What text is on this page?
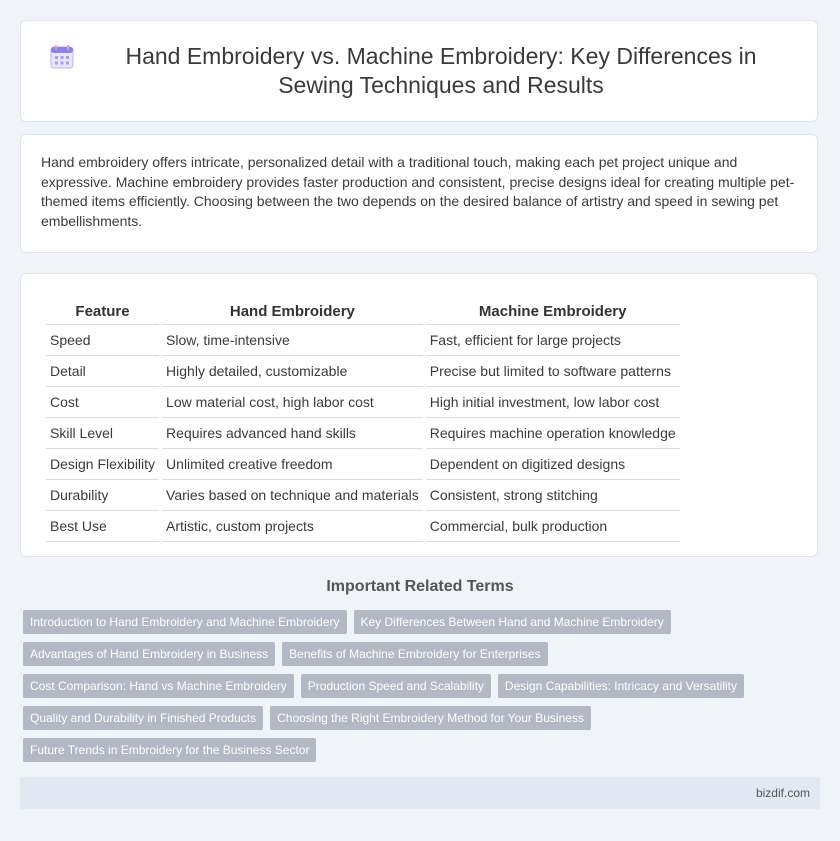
Hand Embroidery vs. Machine Embroidery: Key Differences in Sewing Techniques and Results

Hand embroidery offers intricate, personalized detail with a traditional touch, making each pet project unique and expressive. Machine embroidery provides faster production and consistent, precise designs ideal for creating multiple pet-themed items efficiently. Choosing between the two depends on the desired balance of artistry and speed in sewing pet embellishments.

Feature	Hand Embroidery	Machine Embroidery
Speed	Slow, time-intensive	Fast, efficient for large projects
Detail	Highly detailed, customizable	Precise but limited to software patterns
Cost	Low material cost, high labor cost	High initial investment, low labor cost
Skill Level	Requires advanced hand skills	Requires machine operation knowledge
Design Flexibility	Unlimited creative freedom	Dependent on digitized designs
Durability	Varies based on technique and materials	Consistent, strong stitching
Best Use	Artistic, custom projects	Commercial, bulk production
Important Related Terms
Introduction to Hand Embroidery and Machine Embroidery	Key Differences Between Hand and Machine Embroidery
Advantages of Hand Embroidery in Business	Benefits of Machine Embroidery for Enterprises
Cost Comparison: Hand vs Machine Embroidery	Production Speed and Scalability	Design Capabilities: Intricacy and Versatility
Quality and Durability in Finished Products	Choosing the Right Embroidery Method for Your Business
Future Trends in Embroidery for the Business Sector
bizdif.com
